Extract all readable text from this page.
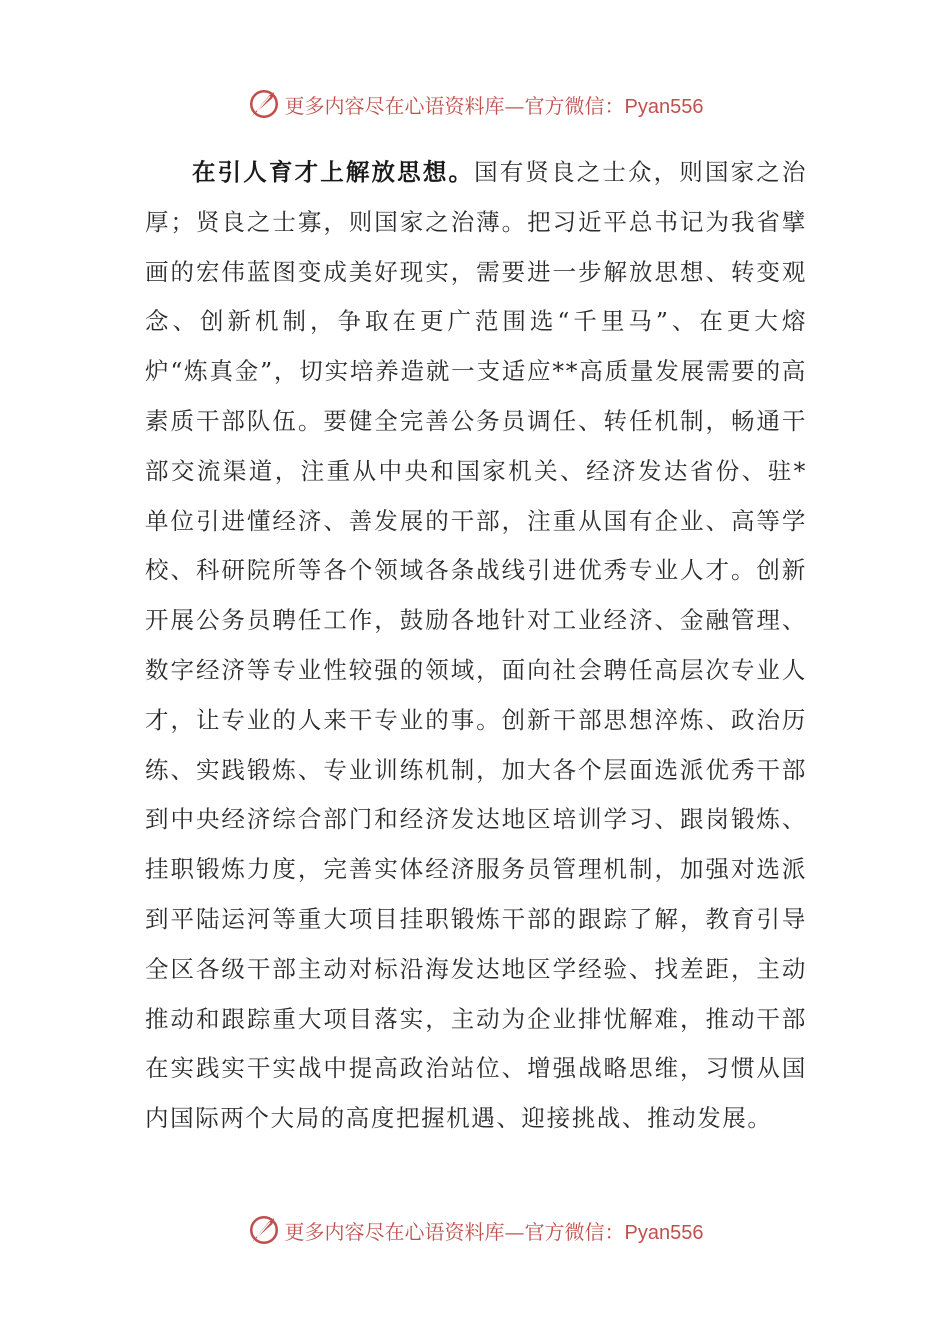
更多内容尽在心语资料库—官方微信：Pyan556

在引人育才上解放思想。国有贤良之士众，则国家之治厚；贤良之士寡，则国家之治薄。把习近平总书记为我省擘画的宏伟蓝图变成美好现实，需要进一步解放思想、转变观念、创新机制，争取在更广范围选“千里马”、在更大熔炉“炼真金”，切实培养造就一支适应**高质量发展需要的高素质干部队伍。要健全完善公务员调任、转任机制，畅通干部交流渠道，注重从中央和国家机关、经济发达省份、驻*单位引进懂经济、善发展的干部，注重从国有企业、高等学校、科研院所等各个领域各条战线引进优秀专业人才。创新开展公务员聘任工作，鼓励各地针对工业经济、金融管理、数字经济等专业性较强的领域，面向社会聘任高层次专业人才，让专业的人来干专业的事。创新干部思想淬炼、政治历练、实践锻炼、专业训练机制，加大各个层面选派优秀干部到中央经济综合部门和经济发达地区培训学习、跟岗锻炼、挂职锻炼力度，完善实体经济服务员管理机制，加强对选派到平陆运河等重大项目挂职锻炼干部的跟踪了解，教育引导全区各级干部主动对标沿海发达地区学经验、找差距，主动推动和跟踪重大项目落实，主动为企业排忧解难，推动干部在实践实干实战中提高政治站位、增强战略思维，习惯从国内国际两个大局的高度把握机遇、迎接挑战、推动发展。

更多内容尽在心语资料库—官方微信：Pyan556
